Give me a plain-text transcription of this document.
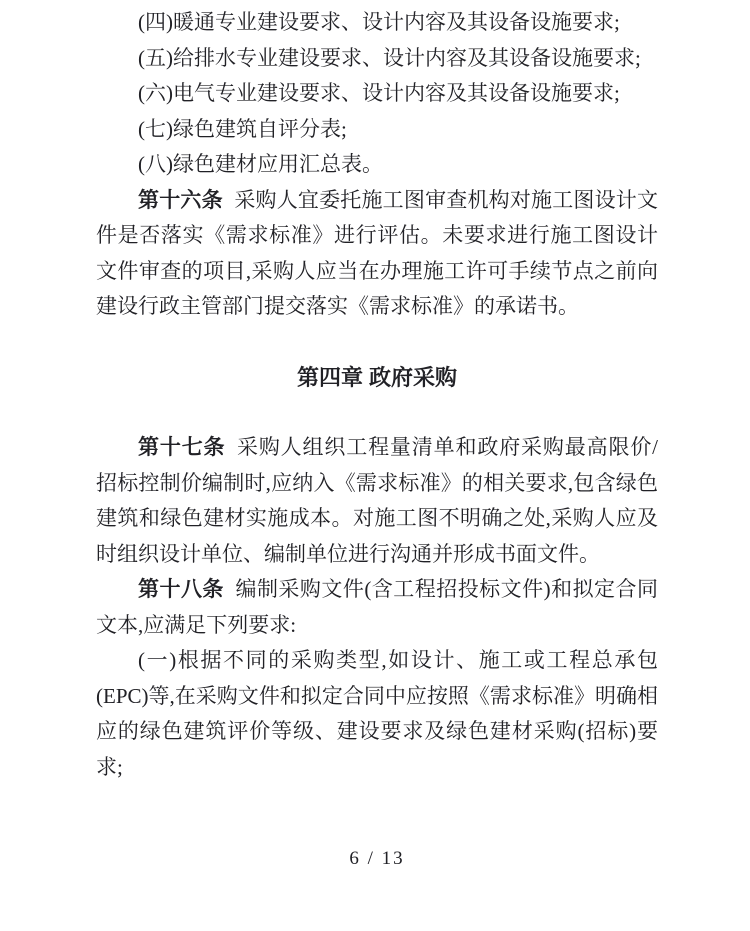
(四)暖通专业建设要求、设计内容及其设备设施要求;

(五)给排水专业建设要求、设计内容及其设备设施要求;

(六)电气专业建设要求、设计内容及其设备设施要求;

(七)绿色建筑自评分表;

(八)绿色建材应用汇总表。

第十六条 采购人宜委托施工图审查机构对施工图设计文件是否落实《需求标准》进行评估。未要求进行施工图设计文件审查的项目,采购人应当在办理施工许可手续节点之前向建设行政主管部门提交落实《需求标准》的承诺书。

第四章 政府采购

第十七条 采购人组织工程量清单和政府采购最高限价/招标控制价编制时,应纳入《需求标准》的相关要求,包含绿色建筑和绿色建材实施成本。对施工图不明确之处,采购人应及时组织设计单位、编制单位进行沟通并形成书面文件。

第十八条 编制采购文件(含工程招投标文件)和拟定合同文本,应满足下列要求:

(一)根据不同的采购类型,如设计、施工或工程总承包(EPC)等,在采购文件和拟定合同中应按照《需求标准》明确相应的绿色建筑评价等级、建设要求及绿色建材采购(招标)要求;

6 / 13
